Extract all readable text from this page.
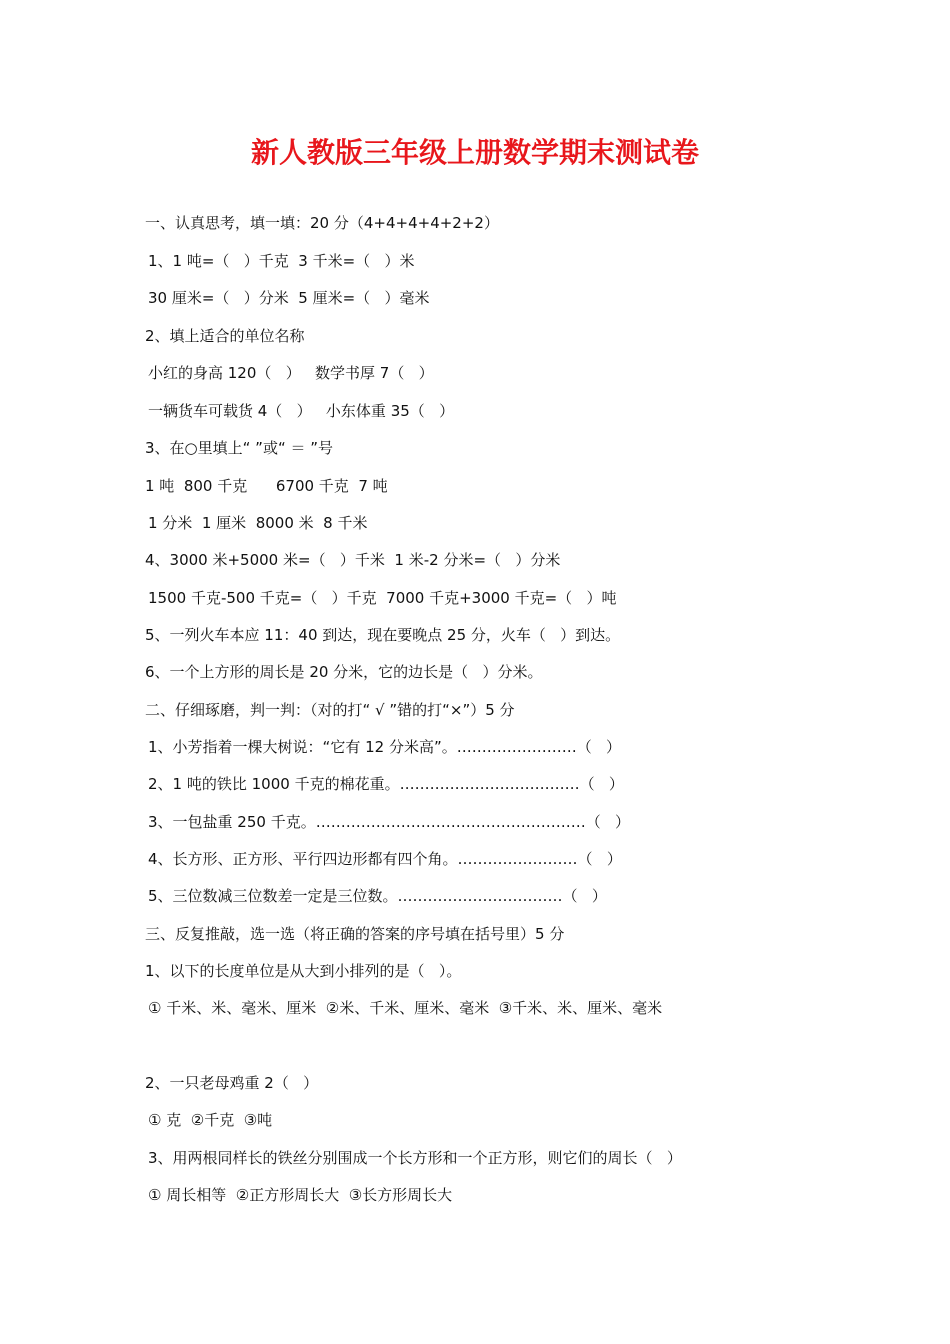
新人教版三年级上册数学期末测试卷

一、认真思考，填一填：20 分（4+4+4+4+2+2）

1、1 吨=（   ）千克  3 千米=（   ）米

30 厘米=（   ）分米  5 厘米=（   ）毫米

2、填上适合的单位名称

小红的身高 120（   ）   数学书厚 7（   ）

一辆货车可载货 4（   ）   小东体重 35（   ）

3、在○里填上“ ”或“ ＝ ”号

1 吨  800 千克      6700 千克  7 吨

1 分米  1 厘米  8000 米  8 千米

4、3000 米+5000 米=（   ）千米  1 米-2 分米=（   ）分米

1500 千克-500 千克=（   ）千克  7000 千克+3000 千克=（   ）吨

5、一列火车本应 11：40 到达，现在要晚点 25 分，火车（   ）到达。

6、一个上方形的周长是 20 分米，它的边长是（   ）分米。

二、仔细琢磨，判一判：（对的打“ √ ”错的打“×”）5 分

1、小芳指着一棵大树说：“它有 12 分米高”。……………………（   ）

2、1 吨的铁比 1000 千克的棉花重。………………………………（   ）

3、一包盐重 250 千克。………………………………………………（   ）

4、长方形、正方形、平行四边形都有四个角。……………………（   ）

5、三位数减三位数差一定是三位数。……………………………（   ）

三、反复推敲，选一选（将正确的答案的序号填在括号里）5 分

1、以下的长度单位是从大到小排列的是（   ）。

① 千米、米、毫米、厘米  ②米、千米、厘米、毫米  ③千米、米、厘米、毫米

2、一只老母鸡重 2（   ）

① 克  ②千克  ③吨

3、用两根同样长的铁丝分别围成一个长方形和一个正方形，则它们的周长（   ）

① 周长相等  ②正方形周长大  ③长方形周长大
